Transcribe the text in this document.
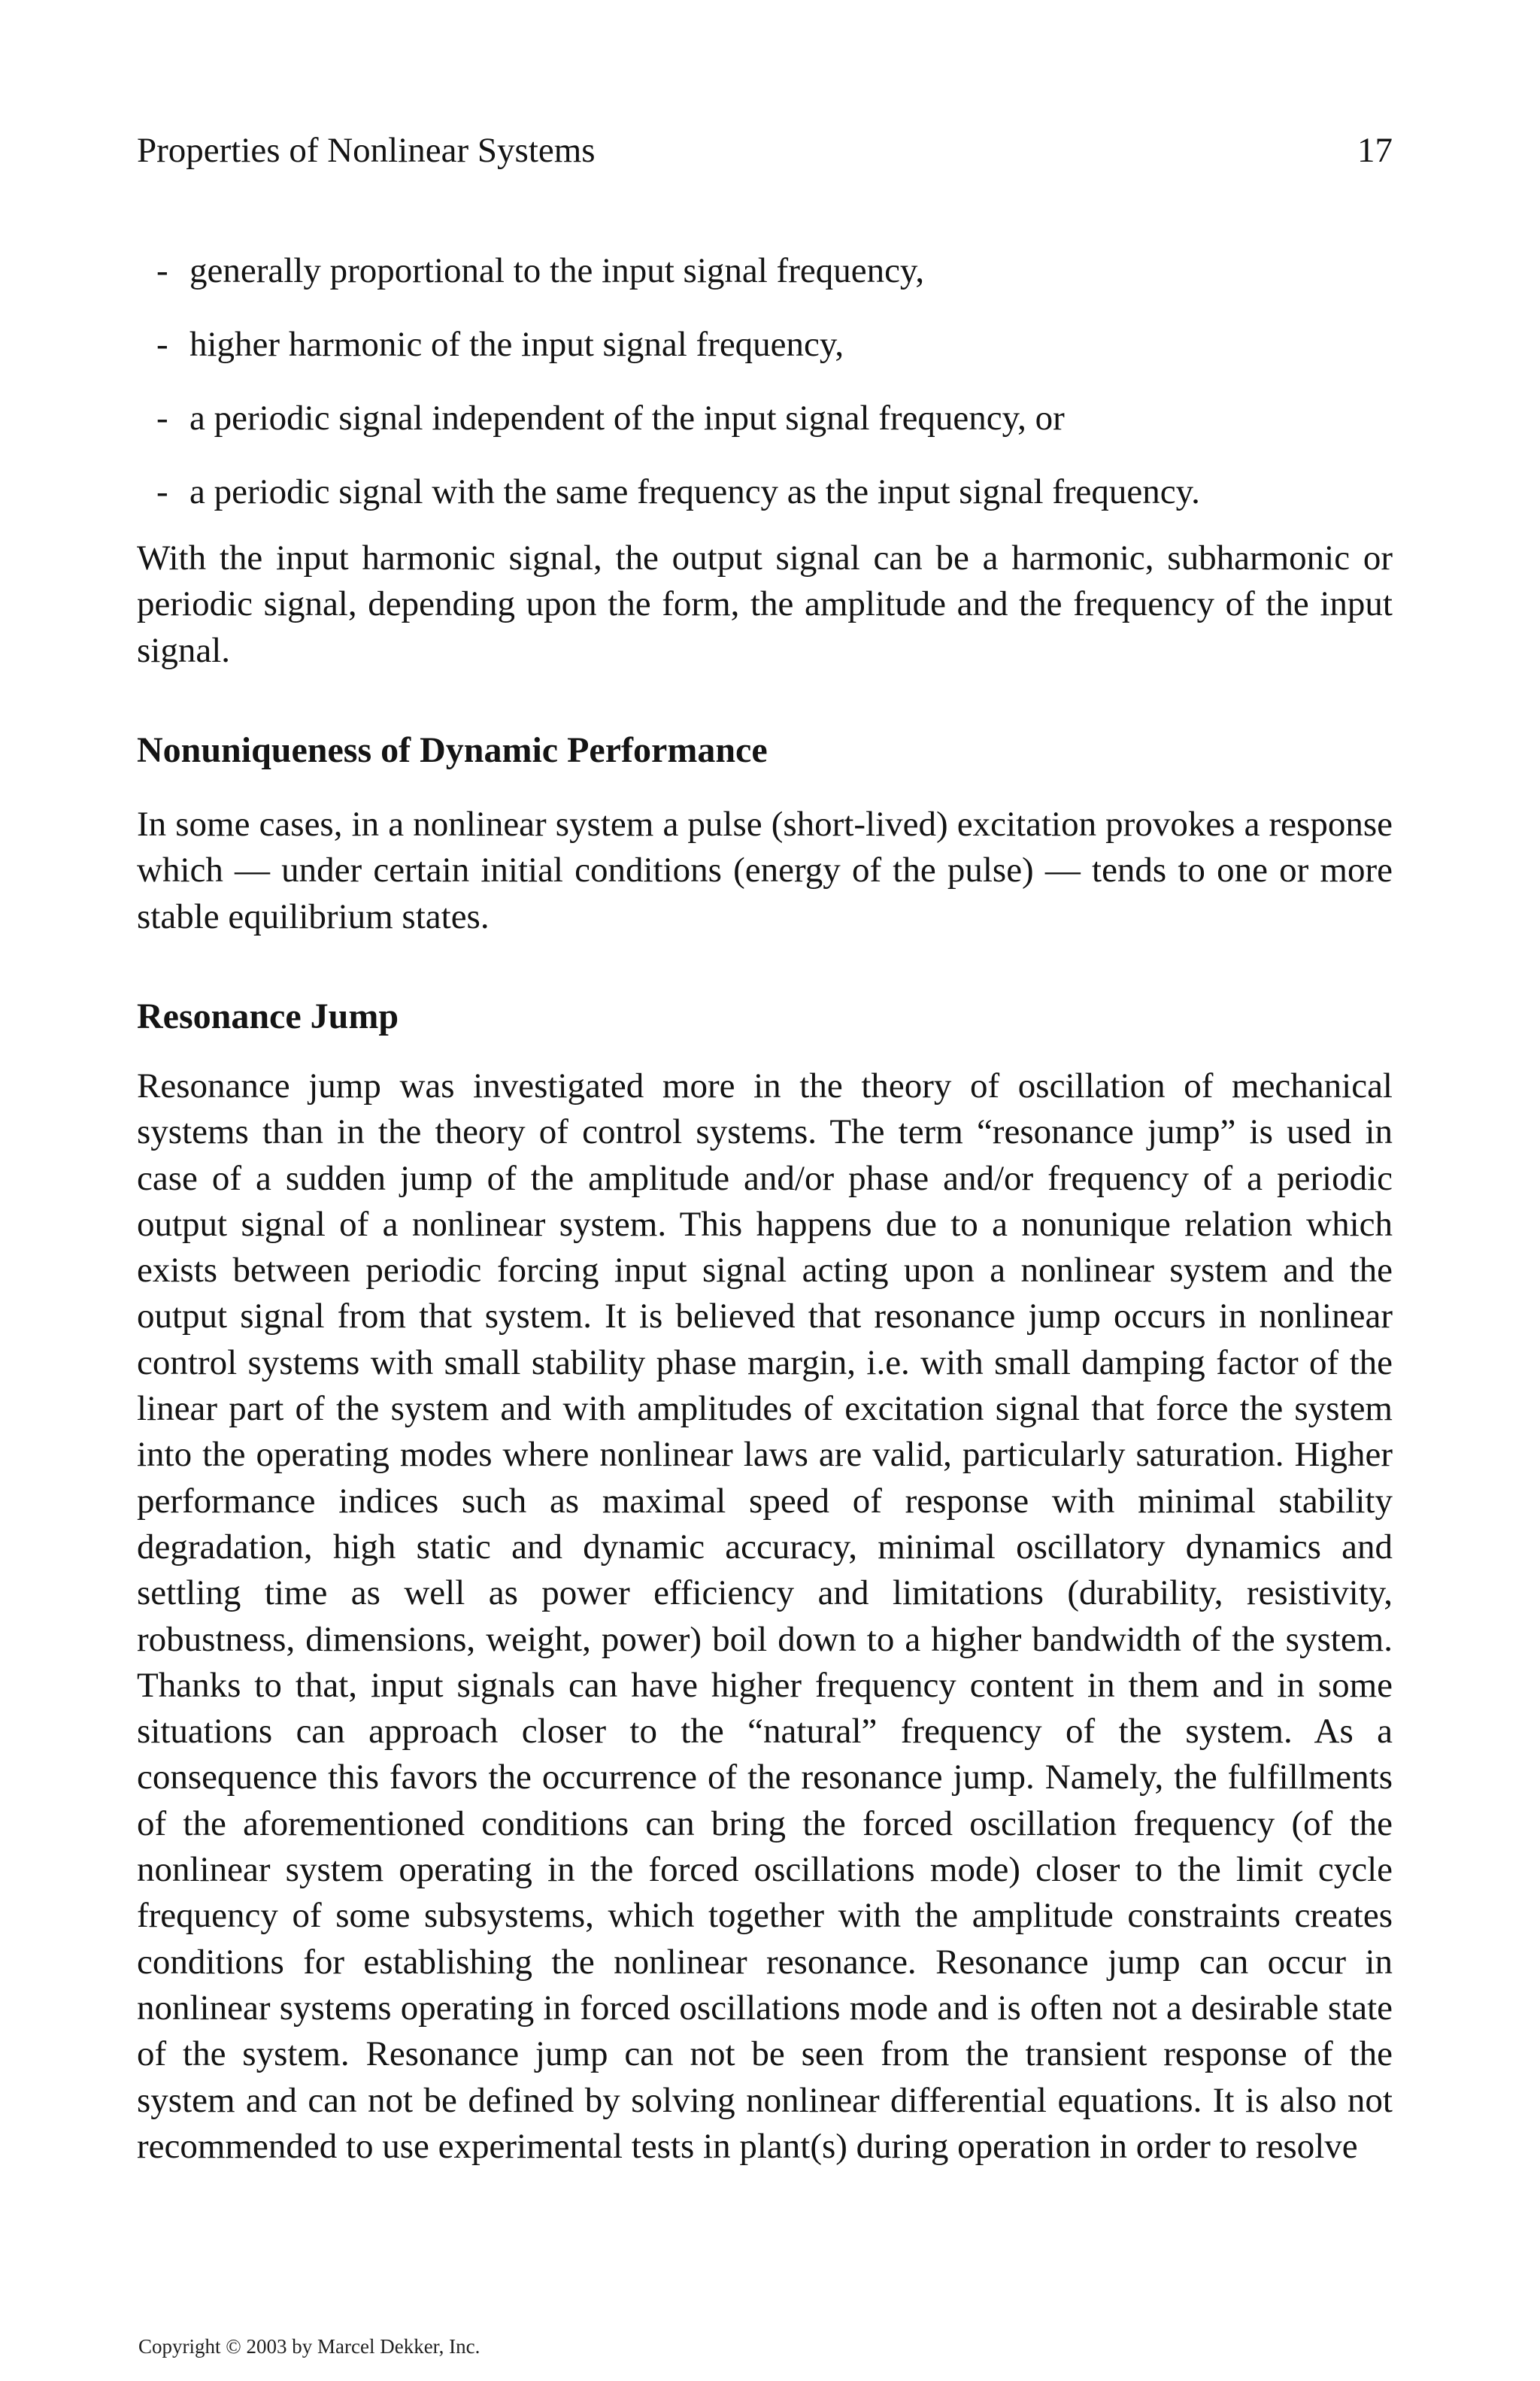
Properties of Nonlinear Systems	17
- generally proportional to the input signal frequency,
- higher harmonic of the input signal frequency,
- a periodic signal independent of the input signal frequency, or
- a periodic signal with the same frequency as the input signal frequency.

With the input harmonic signal, the output signal can be a harmonic, subharmonic or periodic signal, depending upon the form, the amplitude and the frequency of the input signal.

Nonuniqueness of Dynamic Performance

In some cases, in a nonlinear system a pulse (short-lived) excitation provokes a response which — under certain initial conditions (energy of the pulse) — tends to one or more stable equilibrium states.

Resonance Jump

Resonance jump was investigated more in the theory of oscillation of mechanical systems than in the theory of control systems. The term “resonance jump” is used in case of a sudden jump of the amplitude and/or phase and/or frequency of a periodic output signal of a nonlinear system. This happens due to a nonunique relation which exists between periodic forcing input signal acting upon a nonlinear system and the output signal from that system. It is believed that resonance jump occurs in nonlinear control systems with small stability phase margin, i.e. with small damping factor of the linear part of the system and with amplitudes of excitation signal that force the system into the operating modes where nonlinear laws are valid, particularly saturation. Higher performance indices such as maximal speed of response with minimal stability degradation, high static and dynamic accuracy, minimal oscillatory dynamics and settling time as well as power efficiency and limitations (durability, resistivity, robustness, dimensions, weight, power) boil down to a higher bandwidth of the system. Thanks to that, input signals can have higher frequency content in them and in some situations can approach closer to the “natural” frequency of the system. As a consequence this favors the occurrence of the resonance jump. Namely, the fulfillments of the aforementioned conditions can bring the forced oscillation frequency (of the nonlinear system operating in the forced oscillations mode) closer to the limit cycle frequency of some subsystems, which together with the amplitude constraints creates conditions for establishing the nonlinear resonance. Resonance jump can occur in nonlinear systems operating in forced oscillations mode and is often not a desirable state of the system. Resonance jump can not be seen from the transient response of the system and can not be defined by solving nonlinear differential equations. It is also not recommended to use experimental tests in plant(s) during operation in order to resolve

Copyright © 2003 by Marcel Dekker, Inc.
